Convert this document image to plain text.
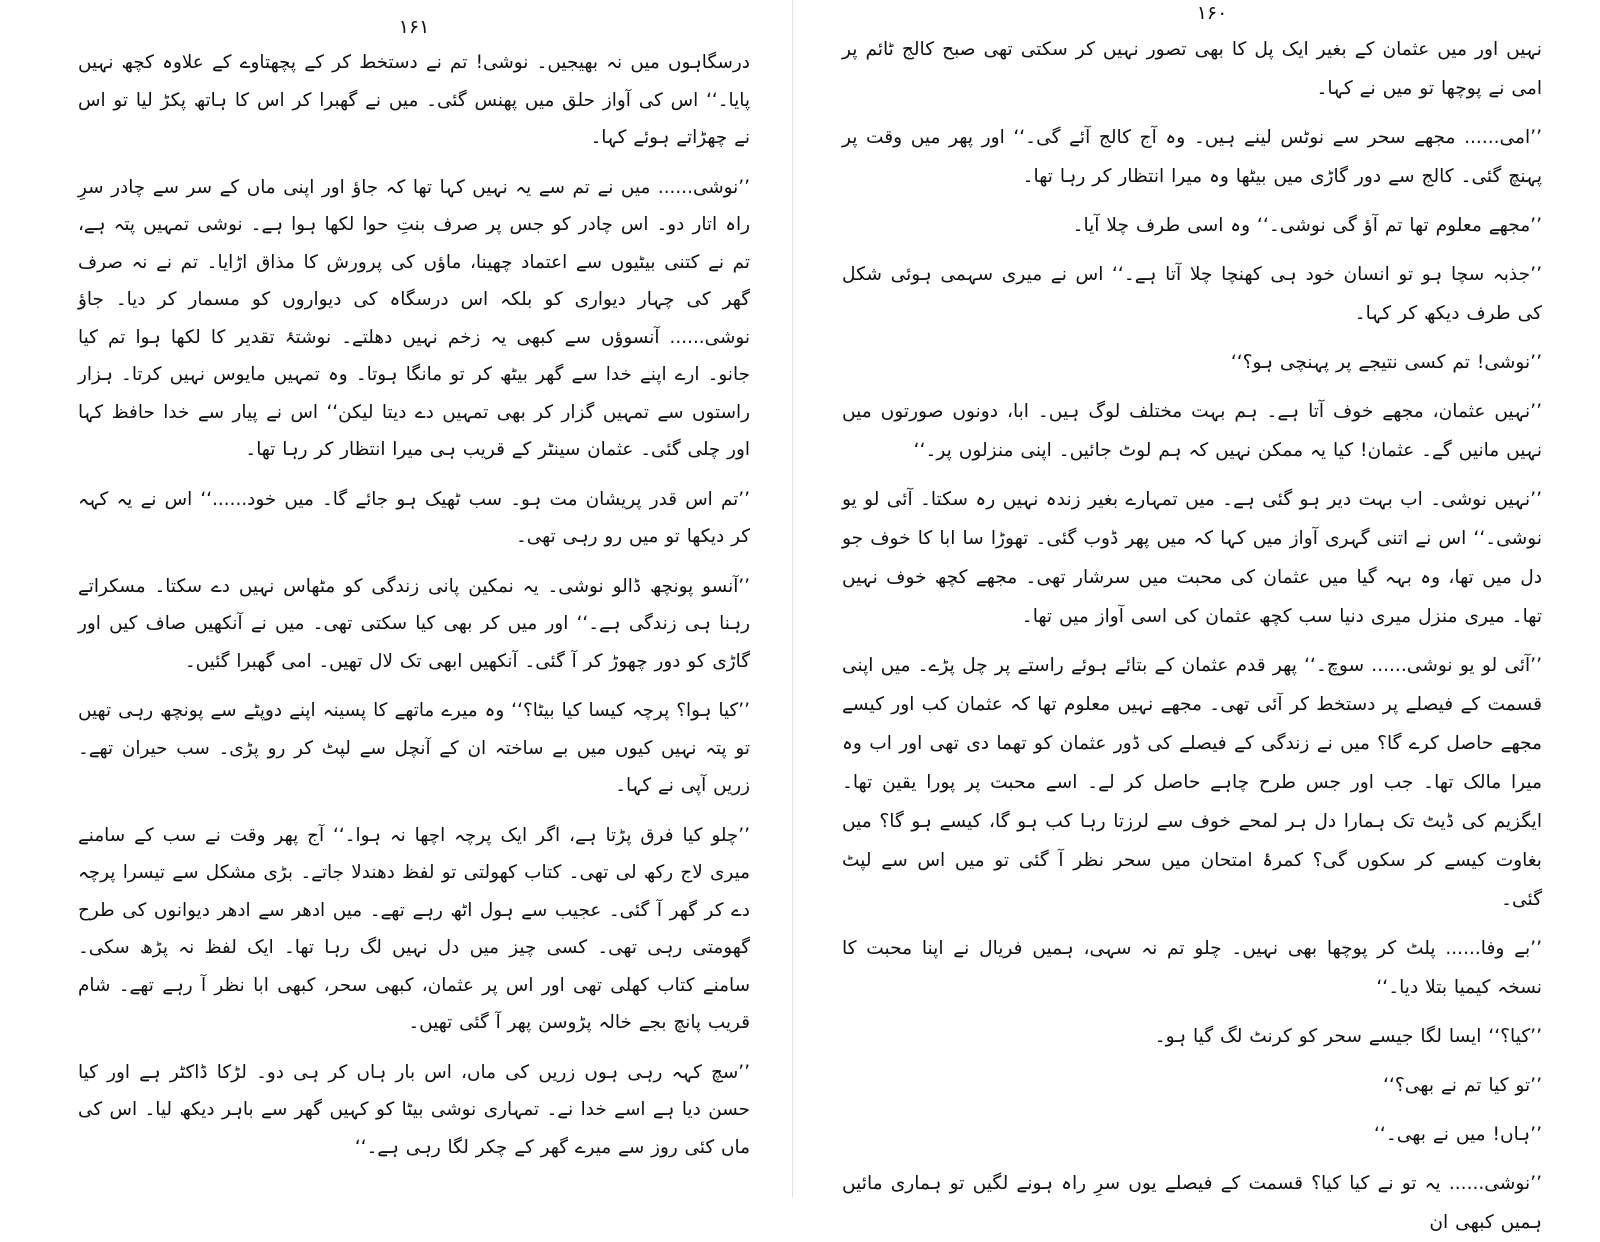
۱۶۱

درسگاہوں میں نہ بھیجیں۔ نوشی! تم نے دستخط کر کے پچھتاوے کے علاوہ کچھ نہیں پایا۔‘‘ اس کی آواز حلق میں پھنس گئی۔ میں نے گھبرا کر اس کا ہاتھ پکڑ لیا تو اس نے چھڑاتے ہوئے کہا۔

’’نوشی...... میں نے تم سے یہ نہیں کہا تھا کہ جاؤ اور اپنی ماں کے سر سے چادر سرِ راہ اتار دو۔ اس چادر کو جس پر صرف بنتِ حوا لکھا ہوا ہے۔ نوشی تمہیں پتہ ہے، تم نے کتنی بیٹیوں سے اعتماد چھینا، ماؤں کی پرورش کا مذاق اڑایا۔ تم نے نہ صرف گھر کی چہار دیواری کو بلکہ اس درسگاہ کی دیواروں کو مسمار کر دیا۔ جاؤ نوشی...... آنسوؤں سے کبھی یہ زخم نہیں دھلتے۔ نوشتۂ تقدیر کا لکھا ہوا تم کیا جانو۔ ارے اپنے خدا سے گھر بیٹھ کر تو مانگا ہوتا۔ وہ تمہیں مایوس نہیں کرتا۔ ہزار راستوں سے تمہیں گزار کر بھی تمہیں دے دیتا لیکن‘‘ اس نے پیار سے خدا حافظ کہا اور چلی گئی۔ عثمان سینٹر کے قریب ہی میرا انتظار کر رہا تھا۔

’’تم اس قدر پریشان مت ہو۔ سب ٹھیک ہو جائے گا۔ میں خود......‘‘ اس نے یہ کہہ کر دیکھا تو میں رو رہی تھی۔

’’آنسو پونچھ ڈالو نوشی۔ یہ نمکین پانی زندگی کو مٹھاس نہیں دے سکتا۔ مسکراتے رہنا ہی زندگی ہے۔‘‘ اور میں کر بھی کیا سکتی تھی۔ میں نے آنکھیں صاف کیں اور گاڑی کو دور چھوڑ کر آ گئی۔ آنکھیں ابھی تک لال تھیں۔ امی گھبرا گئیں۔

’’کیا ہوا؟ پرچہ کیسا کیا بیٹا؟‘‘ وہ میرے ماتھے کا پسینہ اپنے دوپٹے سے پونچھ رہی تھیں تو پتہ نہیں کیوں میں بے ساختہ ان کے آنچل سے لپٹ کر رو پڑی۔ سب حیران تھے۔ زریں آپی نے کہا۔

’’چلو کیا فرق پڑتا ہے، اگر ایک پرچہ اچھا نہ ہوا۔‘‘ آج پھر وقت نے سب کے سامنے میری لاج رکھ لی تھی۔ کتاب کھولتی تو لفظ دھندلا جاتے۔ بڑی مشکل سے تیسرا پرچہ دے کر گھر آ گئی۔ عجیب سے ہول اٹھ رہے تھے۔ میں ادھر سے ادھر دیوانوں کی طرح گھومتی رہی تھی۔ کسی چیز میں دل نہیں لگ رہا تھا۔ ایک لفظ نہ پڑھ سکی۔ سامنے کتاب کھلی تھی اور اس پر عثمان، کبھی سحر، کبھی ابا نظر آ رہے تھے۔ شام قریب پانچ بجے خالہ پڑوسن پھر آ گئی تھیں۔

’’سچ کہہ رہی ہوں زریں کی ماں، اس بار ہاں کر ہی دو۔ لڑکا ڈاکٹر ہے اور کیا حسن دیا ہے اسے خدا نے۔ تمہاری نوشی بیٹا کو کہیں گھر سے باہر دیکھ لیا۔ اس کی ماں کئی روز سے میرے گھر کے چکر لگا رہی ہے۔‘‘

۱۶۰

نہیں اور میں عثمان کے بغیر ایک پل کا بھی تصور نہیں کر سکتی تھی صبح کالج ٹائم پر امی نے پوچھا تو میں نے کہا۔

’’امی...... مجھے سحر سے نوٹس لینے ہیں۔ وہ آج کالج آئے گی۔‘‘ اور پھر میں وقت پر پہنچ گئی۔ کالج سے دور گاڑی میں بیٹھا وہ میرا انتظار کر رہا تھا۔

’’مجھے معلوم تھا تم آؤ گی نوشی۔‘‘ وہ اسی طرف چلا آیا۔

’’جذبہ سچا ہو تو انسان خود ہی کھنچا چلا آتا ہے۔‘‘ اس نے میری سہمی ہوئی شکل کی طرف دیکھ کر کہا۔

’’نوشی! تم کسی نتیجے پر پہنچی ہو؟‘‘

’’نہیں عثمان، مجھے خوف آتا ہے۔ ہم بہت مختلف لوگ ہیں۔ ابا، دونوں صورتوں میں نہیں مانیں گے۔ عثمان! کیا یہ ممکن نہیں کہ ہم لوٹ جائیں۔ اپنی منزلوں پر۔‘‘

’’نہیں نوشی۔ اب بہت دیر ہو گئی ہے۔ میں تمہارے بغیر زندہ نہیں رہ سکتا۔ آئی لو یو نوشی۔‘‘ اس نے اتنی گہری آواز میں کہا کہ میں پھر ڈوب گئی۔ تھوڑا سا ابا کا خوف جو دل میں تھا، وہ بہہ گیا میں عثمان کی محبت میں سرشار تھی۔ مجھے کچھ خوف نہیں تھا۔ میری منزل میری دنیا سب کچھ عثمان کی اسی آواز میں تھا۔

’’آئی لو یو نوشی...... سوچ۔‘‘ پھر قدم عثمان کے بتائے ہوئے راستے پر چل پڑے۔ میں اپنی قسمت کے فیصلے پر دستخط کر آئی تھی۔ مجھے نہیں معلوم تھا کہ عثمان کب اور کیسے مجھے حاصل کرے گا؟ میں نے زندگی کے فیصلے کی ڈور عثمان کو تھما دی تھی اور اب وہ میرا مالک تھا۔ جب اور جس طرح چاہے حاصل کر لے۔ اسے محبت پر پورا یقین تھا۔ ایگزیم کی ڈیٹ تک ہمارا دل ہر لمحے خوف سے لرزتا رہا کب ہو گا، کیسے ہو گا؟ میں بغاوت کیسے کر سکوں گی؟ کمرۂ امتحان میں سحر نظر آ گئی تو میں اس سے لپٹ گئی۔

’’بے وفا...... پلٹ کر پوچھا بھی نہیں۔ چلو تم نہ سہی، ہمیں فریال نے اپنا محبت کا نسخہ کیمیا بتلا دیا۔‘‘

’’کیا؟‘‘ ایسا لگا جیسے سحر کو کرنٹ لگ گیا ہو۔

’’تو کیا تم نے بھی؟‘‘

’’ہاں! میں نے بھی۔‘‘

’’نوشی...... یہ تو نے کیا کیا؟ قسمت کے فیصلے یوں سرِ راہ ہونے لگیں تو ہماری مائیں ہمیں کبھی ان
